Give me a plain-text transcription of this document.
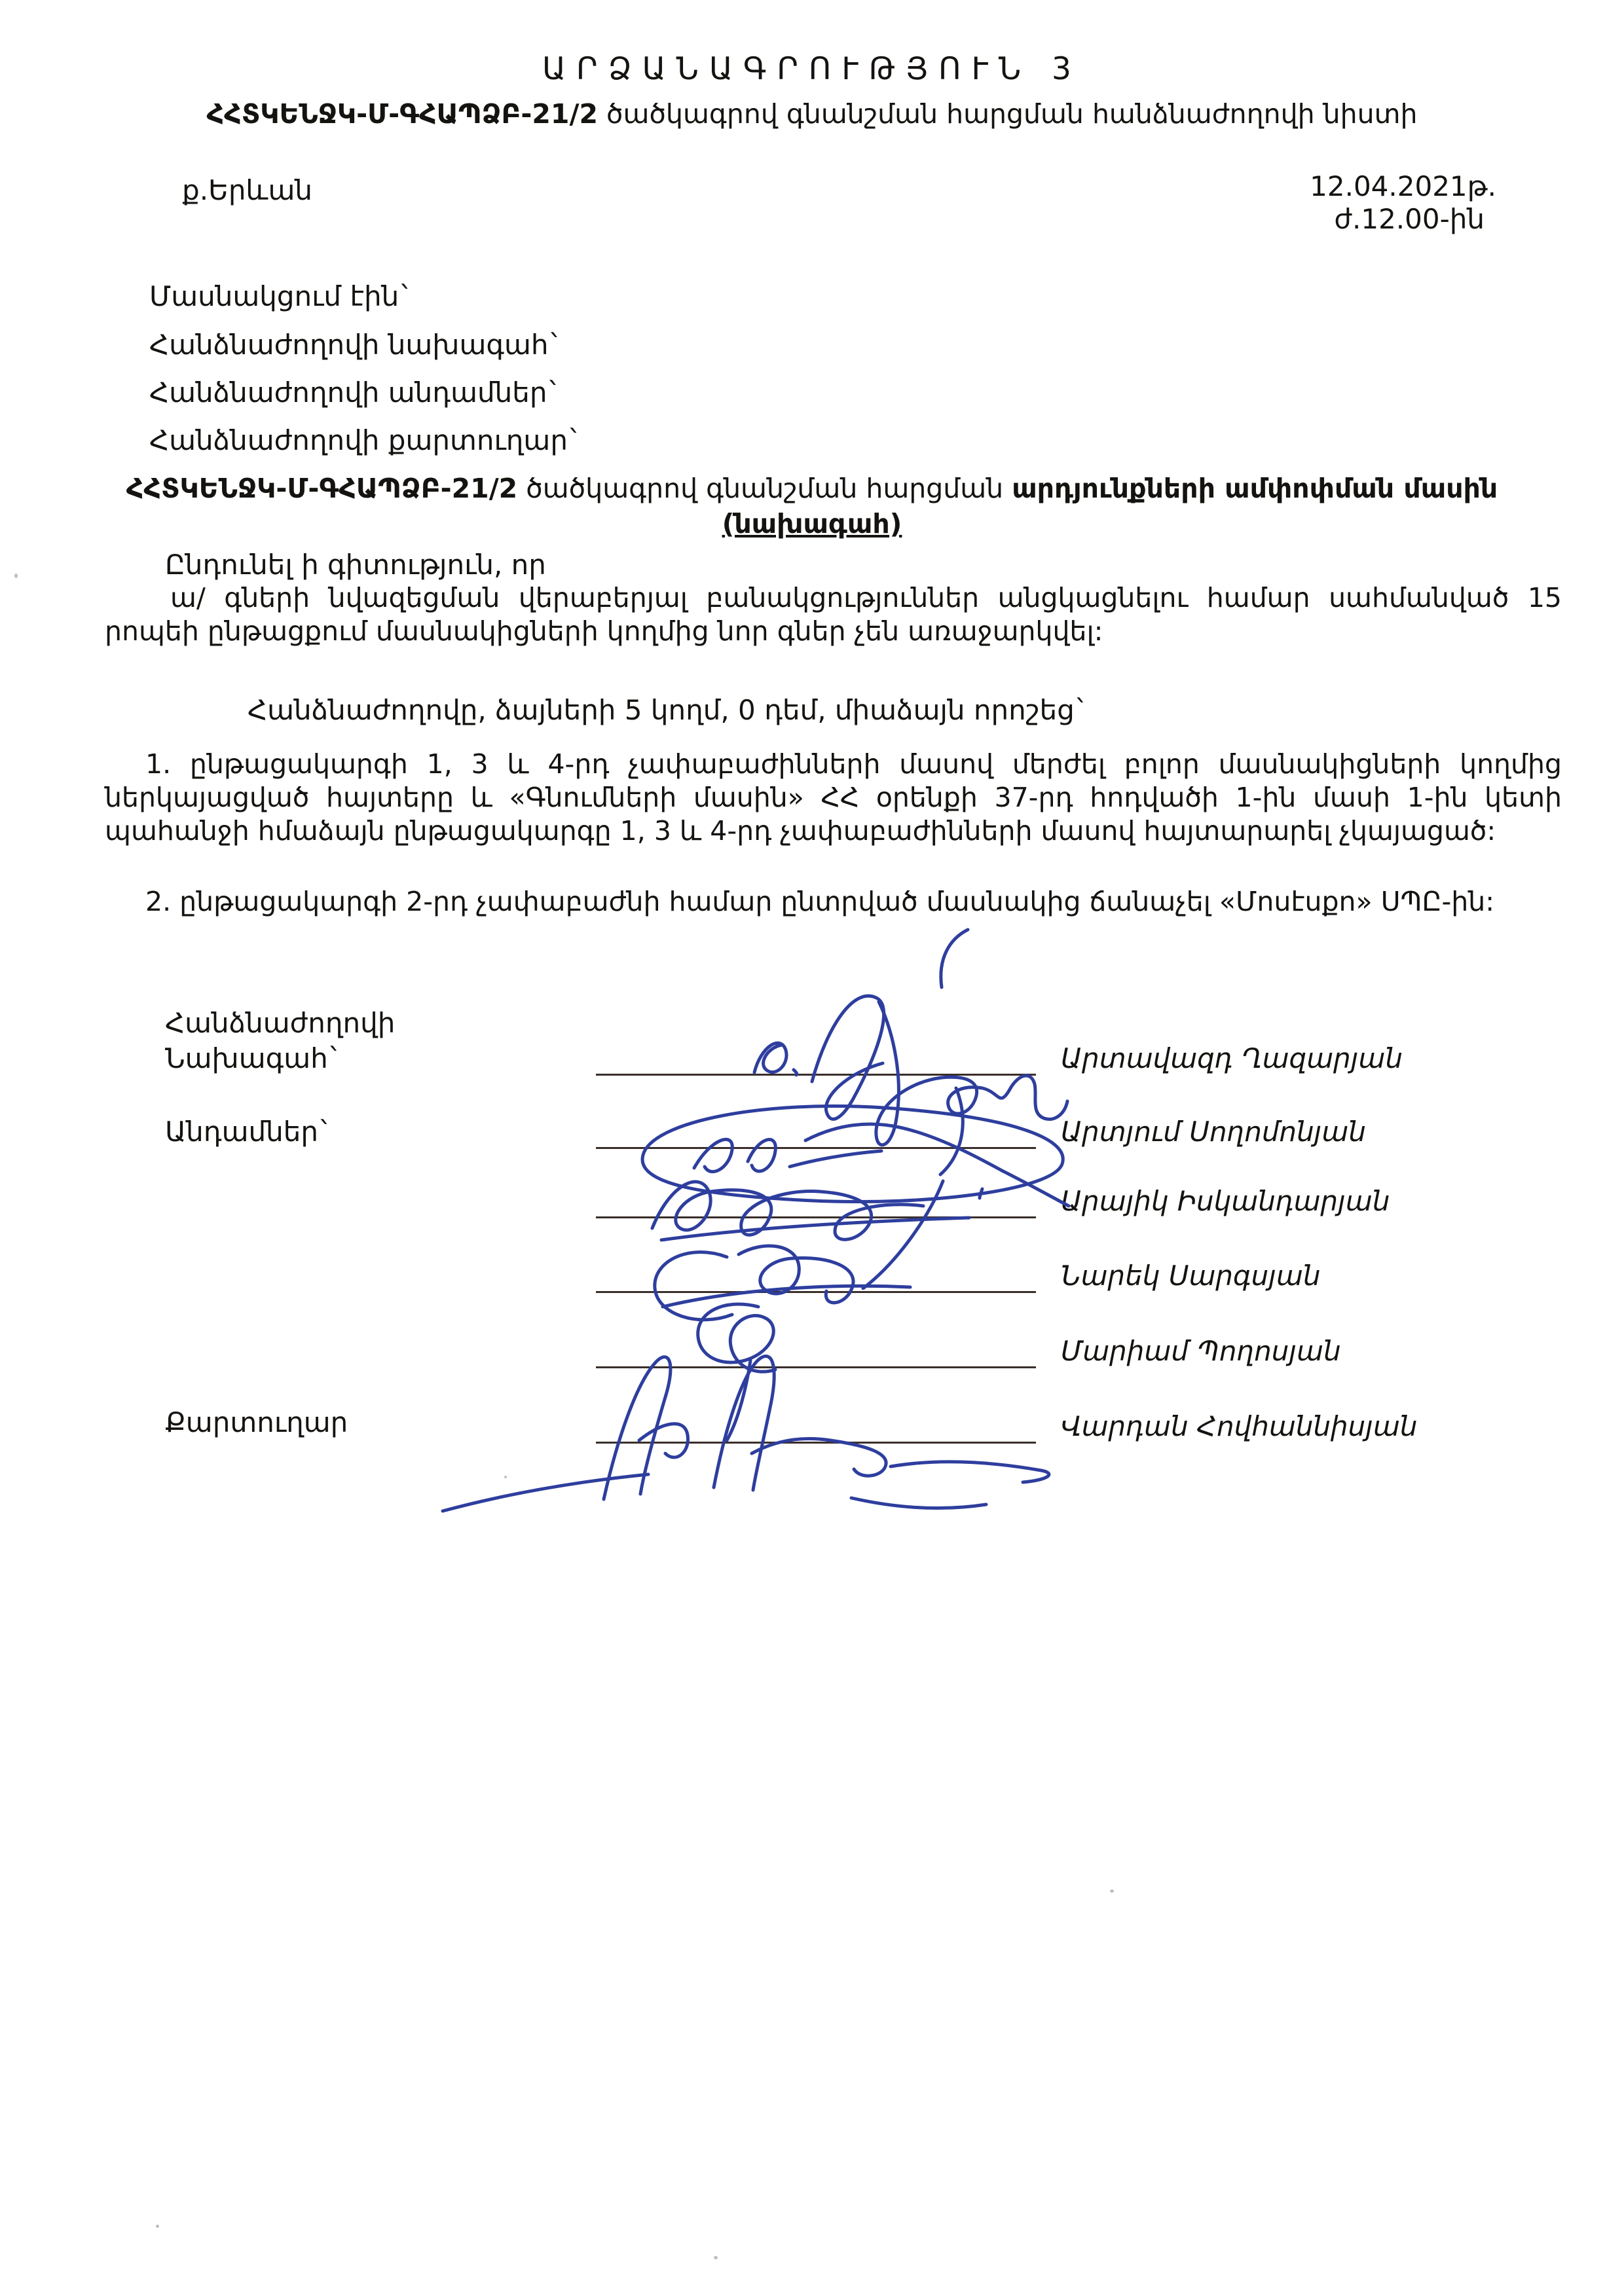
ԱՐՁԱՆԱԳՐՈՒԹՅՈՒՆ 3
ՀՀՏԿԵՆՋԿ-Մ-ԳՀԱՊՁԲ-21/2 ծածկագրով գնանշման հարցման հանձնաժողովի նիստի
ք.Երևան	12.04.2021թ.
ժ.12.00-ին
Մասնակցում էին`
Հանձնաժողովի նախագահ`
Հանձնաժողովի անդամներ`
Հանձնաժողովի քարտուղար`
ՀՀՏԿԵՆՋԿ-Մ-ԳՀԱՊՁԲ-21/2 ծածկագրով գնանշման հարցման արդյունքների ամփոփման մասին
(նախագահ)
Ընդունել ի գիտություն, որ
ա/ գների նվազեցման վերաբերյալ բանակցություններ անցկացնելու համար սահմանված 15 րոպեի ընթացքում մասնակիցների կողմից նոր գներ չեն առաջարկվել:
Հանձնաժողովը, ձայների 5 կողմ, 0 դեմ, միաձայն որոշեց`
1. ընթացակարգի 1, 3 և 4-րդ չափաբաժինների մասով մերժել բոլոր մասնակիցների կողմից ներկայացված հայտերը և «Գնումների մասին» ՀՀ օրենքի 37-րդ հոդվածի 1-ին մասի 1-ին կետի պահանջի հմաձայն ընթացակարգը 1, 3 և 4-րդ չափաբաժինների մասով հայտարարել չկայացած:
2. ընթացակարգի 2-րդ չափաբաժնի համար ընտրված մասնակից ճանաչել «Մոսէսքո» ՍՊԸ-ին:
Հանձնաժողովի
Նախագահ`
Անդամներ`
Քարտուղար
Արտավազդ Ղազարյան
Արտյում Սողոմոնյան
Արայիկ Իսկանդարյան
Նարեկ Սարգսյան
Մարիամ Պողոսյան
Վարդան Հովհաննիսյան
